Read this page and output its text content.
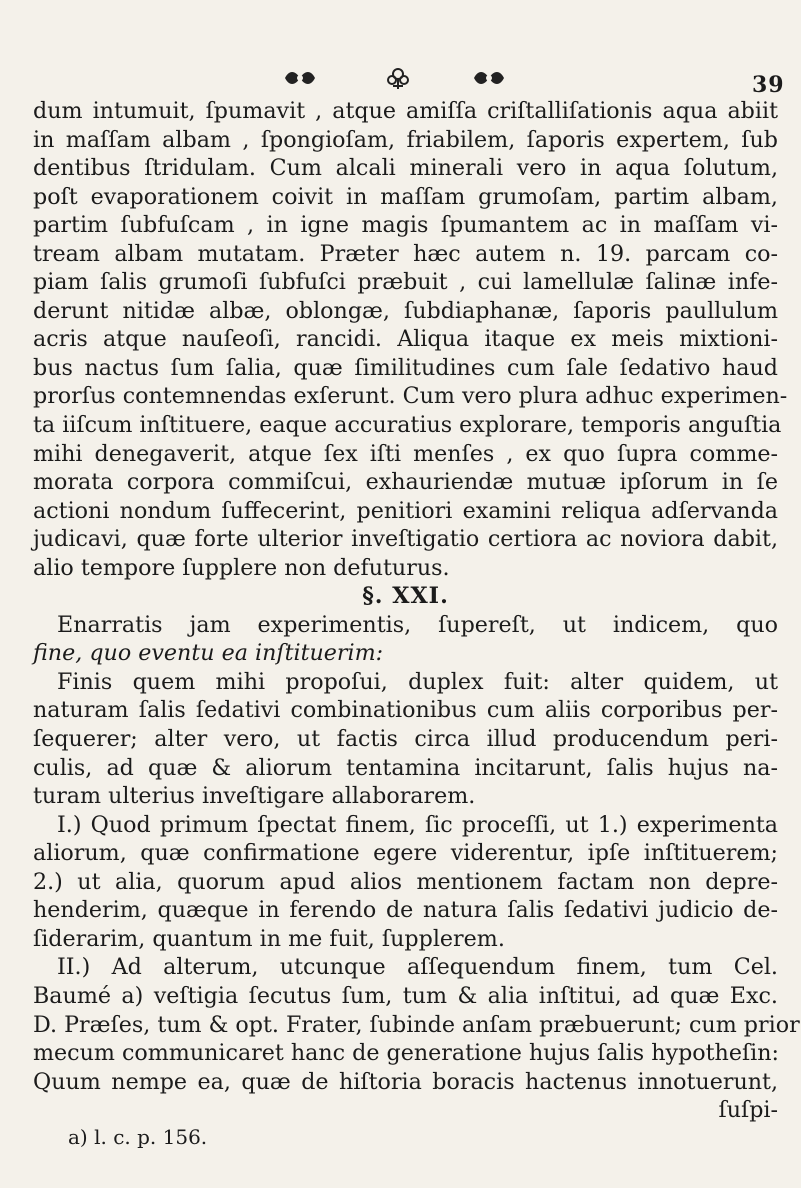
39
dum intumuit, ſpumavit , atque amiſſa criſtalliſationis aqua abiit
in maſſam albam , ſpongioſam, friabilem, ſaporis expertem, ſub
dentibus ſtridulam. Cum alcali minerali vero in aqua ſolutum,
poſt evaporationem coivit in maſſam grumoſam, partim albam,
partim ſubfuſcam , in igne magis ſpumantem ac in maſſam vi-
tream albam mutatam. Præter hæc autem n. 19. parcam co-
piam ſalis grumoſi ſubfuſci præbuit , cui lamellulæ ſalinæ infe-
derunt nitidæ albæ, oblongæ, ſubdiaphanæ, ſaporis paullulum
acris atque nauſeoſi, rancidi. Aliqua itaque ex meis mixtioni-
bus nactus ſum ſalia, quæ ſimilitudines cum ſale ſedativo haud
prorſus contemnendas exſerunt. Cum vero plura adhuc experimen-
ta iiſcum inſtituere, eaque accuratius explorare, temporis anguſtia
mihi denegaverit, atque ſex iſti menſes , ex quo ſupra comme-
morata corpora commiſcui, exhauriendæ mutuæ ipſorum in ſe
actioni nondum ſuffecerint, penitiori examini reliqua adſervanda
judicavi, quæ forte ulterior inveſtigatio certiora ac noviora dabit,
alio tempore ſupplere non defuturus.
§. XXI.
Enarratis jam experimentis, ſupereſt, ut indicem, quo
fine, quo eventu ea inſtituerim:
Finis quem mihi propoſui, duplex fuit: alter quidem, ut
naturam ſalis ſedativi combinationibus cum aliis corporibus per-
ſequerer; alter vero, ut factis circa illud producendum peri-
culis, ad quæ & aliorum tentamina incitarunt, ſalis hujus na-
turam ulterius inveſtigare allaborarem.
I.) Quod primum ſpectat finem, ſic proceſſi, ut 1.) experimenta
aliorum, quæ confirmatione egere viderentur, ipſe inſtituerem;
2.) ut alia, quorum apud alios mentionem factam non depre-
henderim, quæque in ferendo de natura ſalis ſedativi judicio de-
ſiderarim, quantum in me fuit, ſupplerem.
II.) Ad alterum, utcunque aſſequendum finem, tum Cel.
Baumé a) veſtigia ſecutus ſum, tum & alia inſtitui, ad quæ Exc.
D. Præſes, tum & opt. Frater, ſubinde anſam præbuerunt; cum prior
mecum communicaret hanc de generatione hujus ſalis hypotheſin:
Quum nempe ea, quæ de hiſtoria boracis hactenus innotuerunt,
ſuſpi-
a) l. c. p. 156.
